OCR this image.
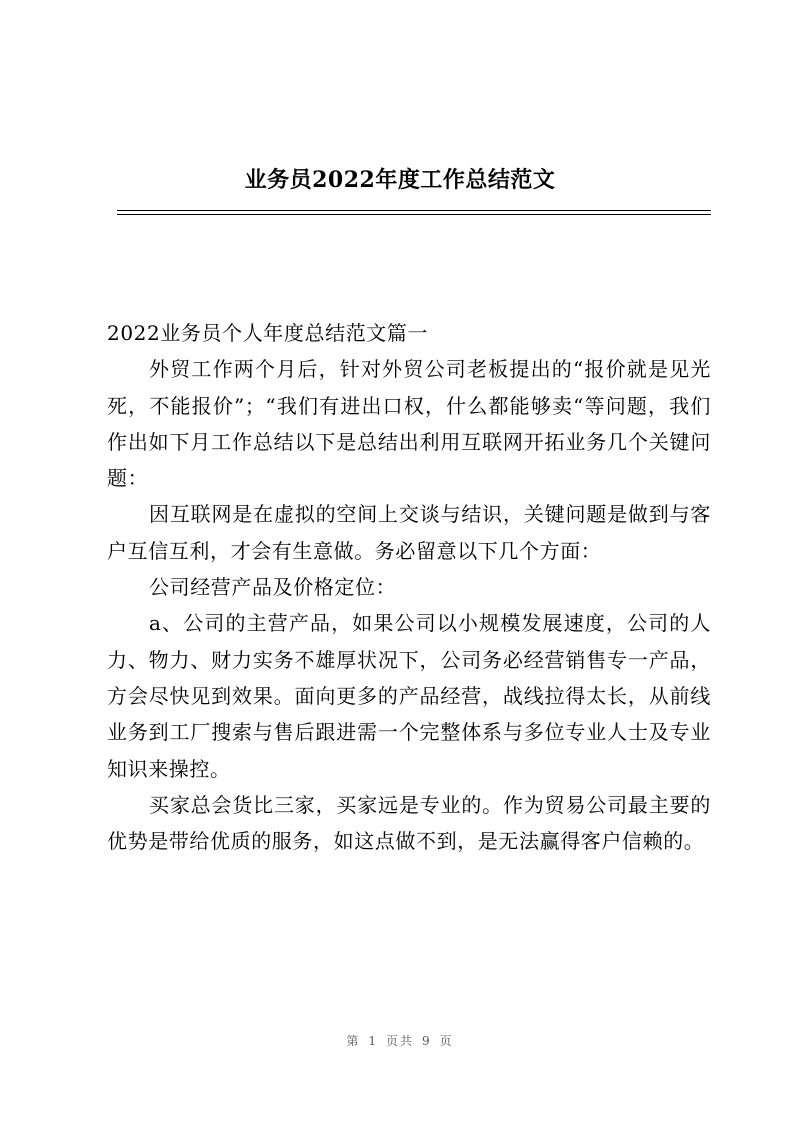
业务员2022年度工作总结范文

2022业务员个人年度总结范文篇一

外贸工作两个月后，针对外贸公司老板提出的“报价就是见光死，不能报价”；“我们有进出口权，什么都能够卖“等问题，我们作出如下月工作总结以下是总结出利用互联网开拓业务几个关键问题：

因互联网是在虚拟的空间上交谈与结识，关键问题是做到与客户互信互利，才会有生意做。务必留意以下几个方面：

公司经营产品及价格定位：

a、公司的主营产品，如果公司以小规模发展速度，公司的人力、物力、财力实务不雄厚状况下，公司务必经营销售专一产品，方会尽快见到效果。面向更多的产品经营，战线拉得太长，从前线业务到工厂搜索与售后跟进需一个完整体系与多位专业人士及专业知识来操控。

买家总会货比三家，买家远是专业的。作为贸易公司最主要的优势是带给优质的服务，如这点做不到，是无法赢得客户信赖的。

第 1 页共 9 页
